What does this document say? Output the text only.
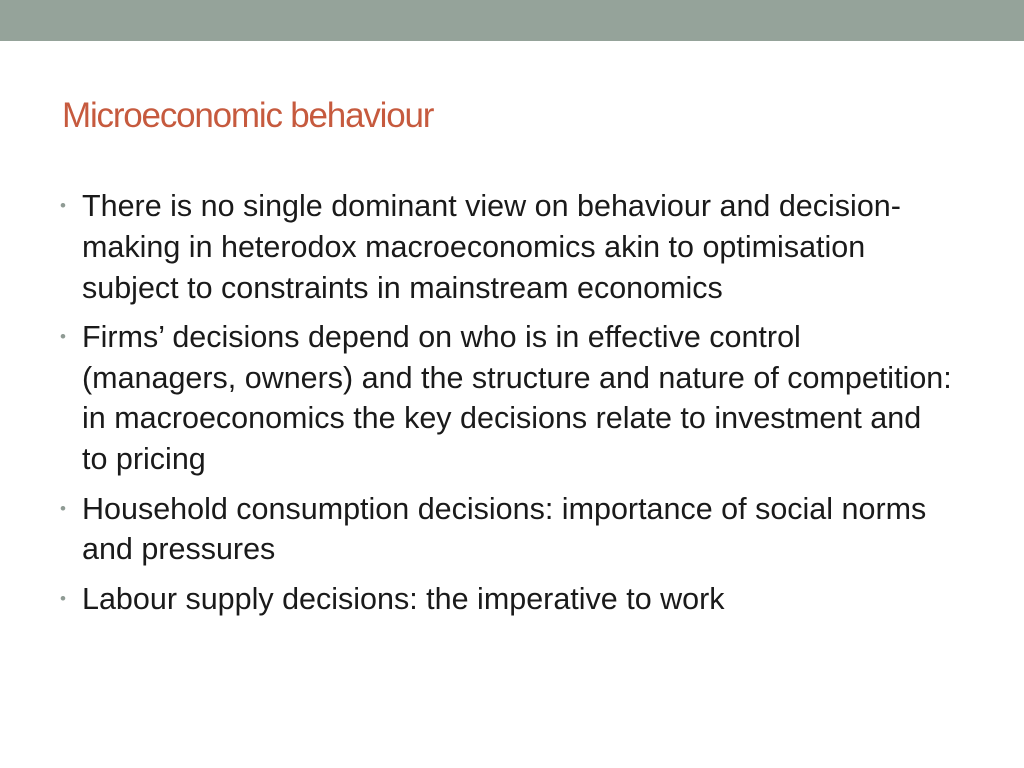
Microeconomic behaviour
• There is no single dominant view on behaviour and decision-making in heterodox macroeconomics akin to optimisation subject to constraints in mainstream economics
• Firms’ decisions depend on who is in effective control (managers, owners) and the structure and nature of competition: in macroeconomics the key decisions relate to investment and to pricing
• Household consumption decisions: importance of social norms and pressures
• Labour supply decisions: the imperative to work
